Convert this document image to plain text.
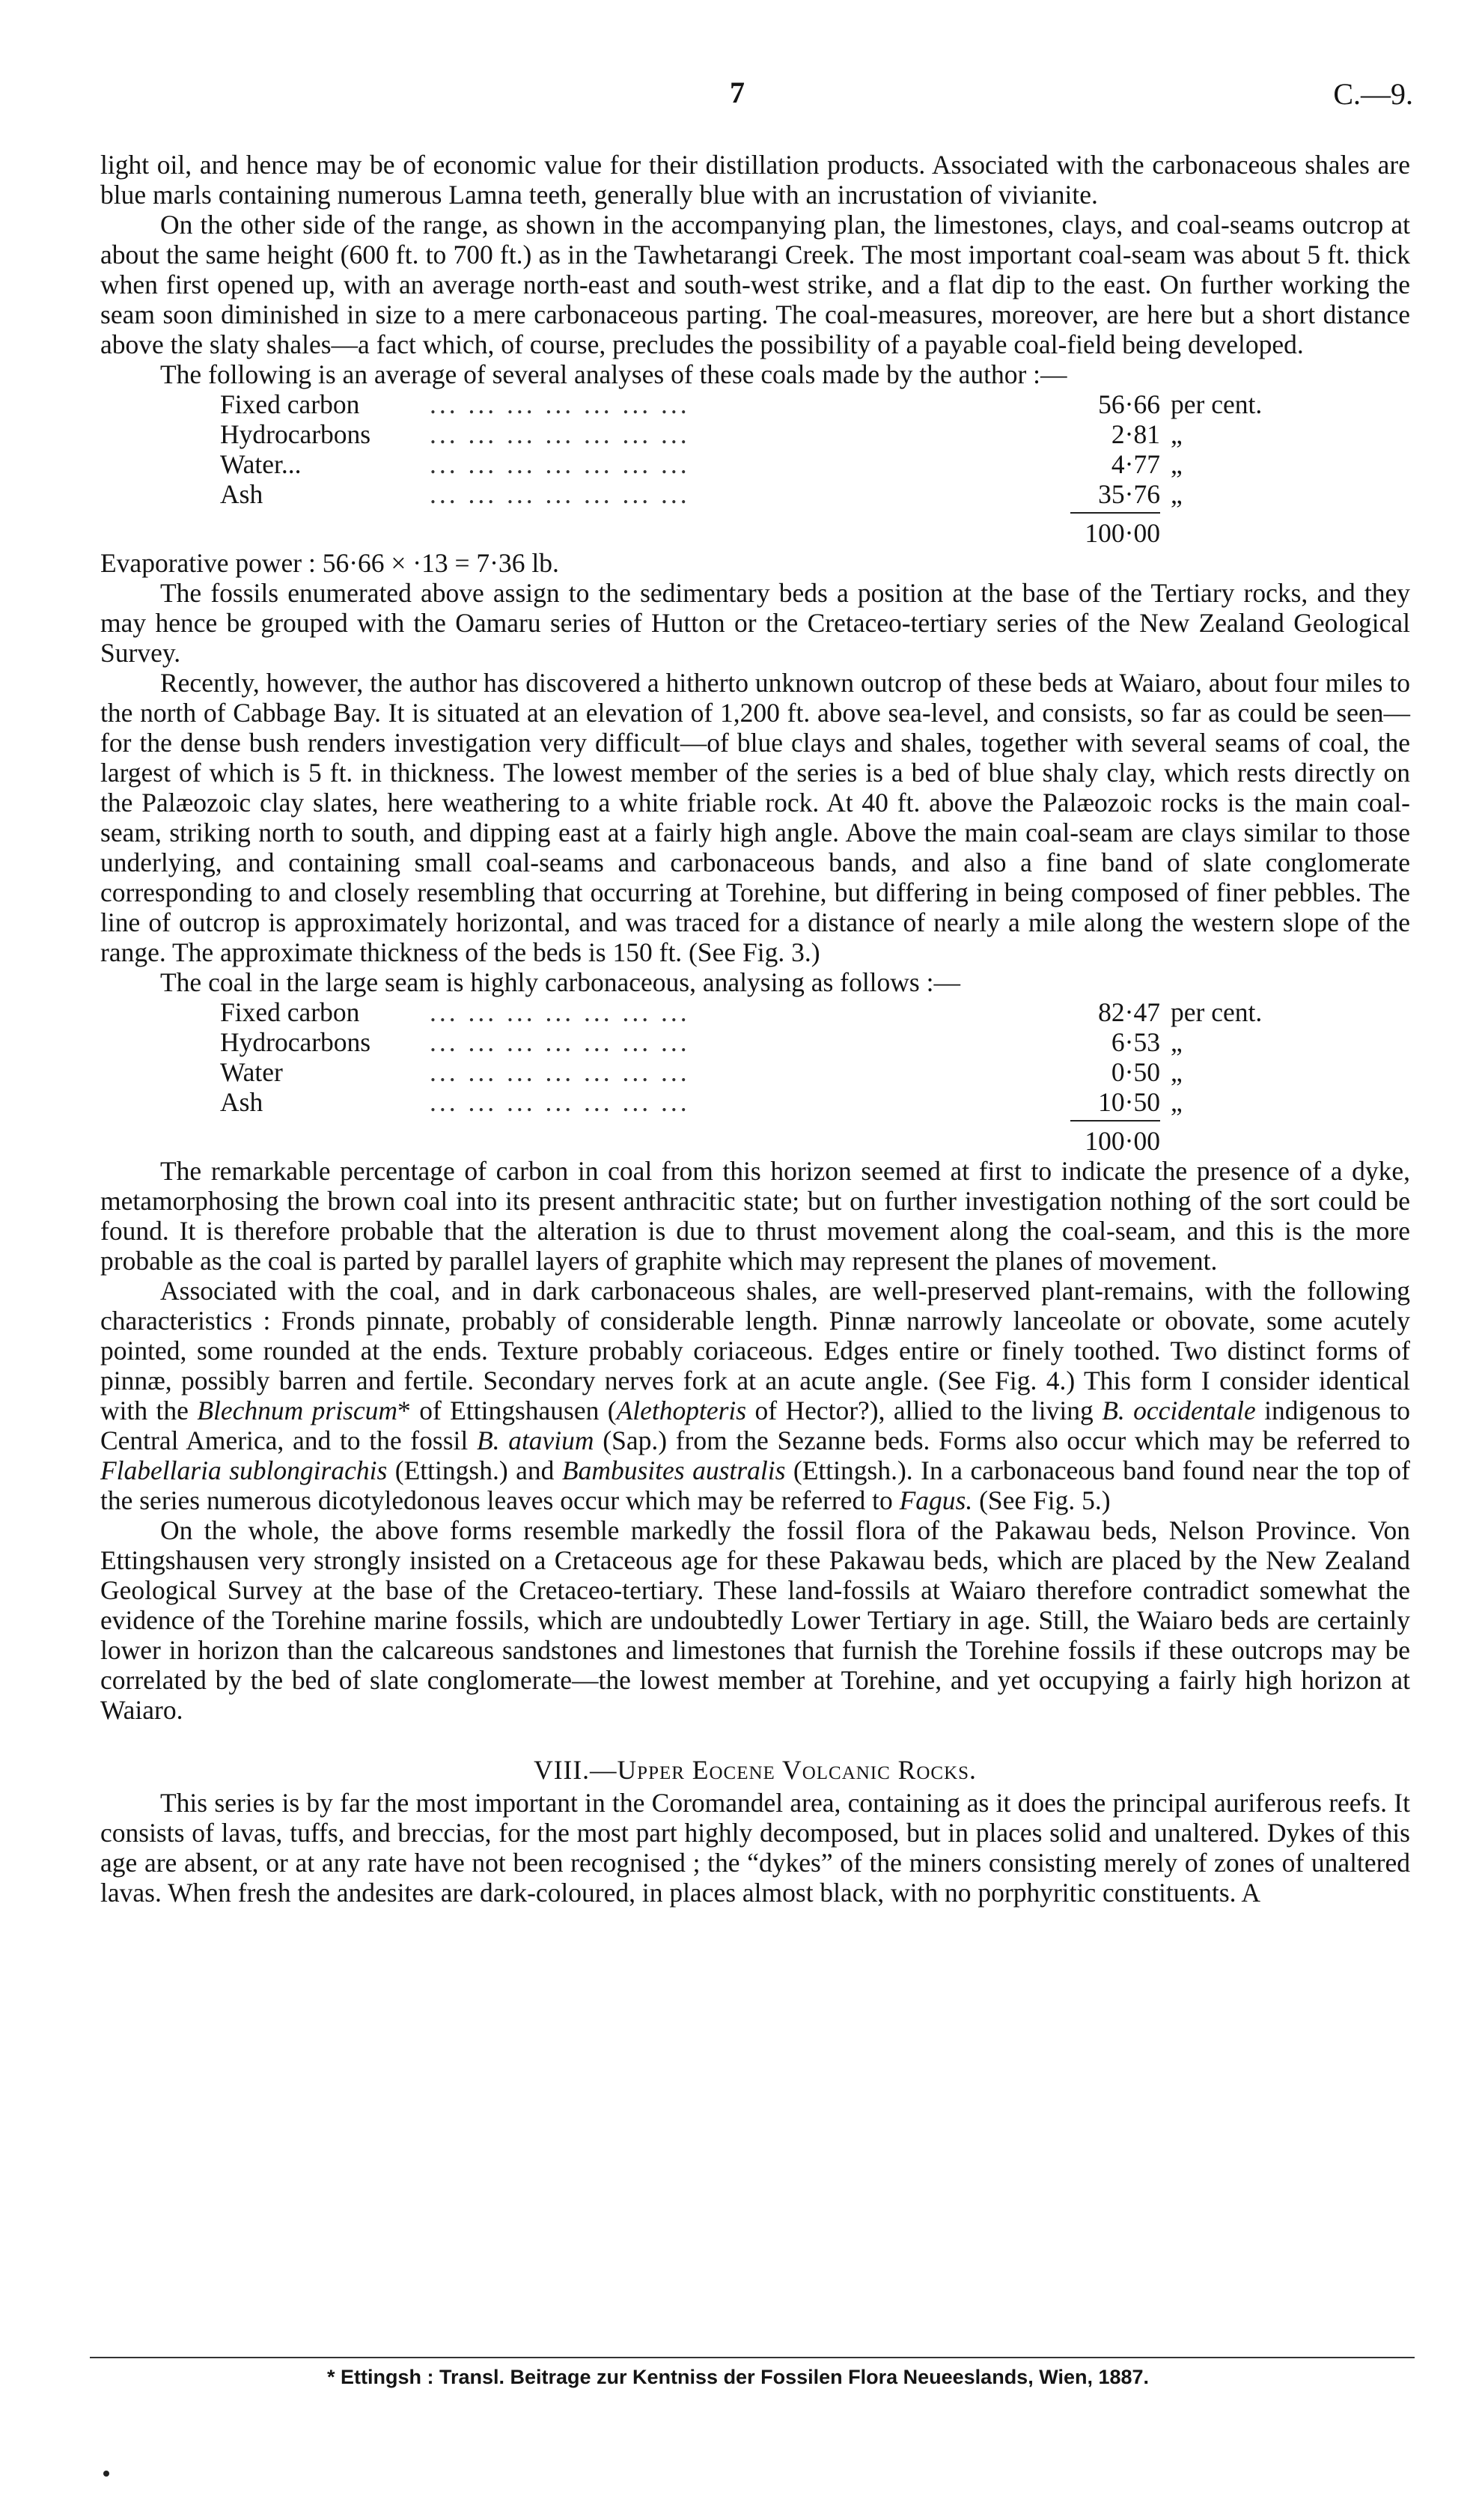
7	C.—9.

light oil, and hence may be of economic value for their distillation products. Associated with the carbonaceous shales are blue marls containing numerous Lamna teeth, generally blue with an incrustation of vivianite.

On the other side of the range, as shown in the accompanying plan, the limestones, clays, and coal-seams outcrop at about the same height (600 ft. to 700 ft.) as in the Tawhetarangi Creek. The most important coal-seam was about 5 ft. thick when first opened up, with an average north-east and south-west strike, and a flat dip to the east. On further working the seam soon diminished in size to a mere carbonaceous parting. The coal-measures, moreover, are here but a short distance above the slaty shales—a fact which, of course, precludes the possibility of a payable coal-field being developed.

The following is an average of several analyses of these coals made by the author :—

Fixed carbon	... ... ... ... ... ... ...	56·66 per cent.
Hydrocarbons	... ... ... ... ... ... ...	2·81 „
Water...	... ... ... ... ... ... ...	4·77 „
Ash	... ... ... ... ... ... ...	35·76 „
100·00

Evaporative power : 56·66 × ·13 = 7·36 lb.

The fossils enumerated above assign to the sedimentary beds a position at the base of the Tertiary rocks, and they may hence be grouped with the Oamaru series of Hutton or the Cretaceo-tertiary series of the New Zealand Geological Survey.

Recently, however, the author has discovered a hitherto unknown outcrop of these beds at Waiaro, about four miles to the north of Cabbage Bay. It is situated at an elevation of 1,200 ft. above sea-level, and consists, so far as could be seen—for the dense bush renders investigation very difficult—of blue clays and shales, together with several seams of coal, the largest of which is 5 ft. in thickness. The lowest member of the series is a bed of blue shaly clay, which rests directly on the Palæozoic clay slates, here weathering to a white friable rock. At 40 ft. above the Palæozoic rocks is the main coal-seam, striking north to south, and dipping east at a fairly high angle. Above the main coal-seam are clays similar to those underlying, and containing small coal-seams and carbonaceous bands, and also a fine band of slate conglomerate corresponding to and closely resembling that occurring at Torehine, but differing in being composed of finer pebbles. The line of outcrop is approximately horizontal, and was traced for a distance of nearly a mile along the western slope of the range. The approximate thickness of the beds is 150 ft. (See Fig. 3.)

The coal in the large seam is highly carbonaceous, analysing as follows :—

Fixed carbon	... ... ... ... ... ... ...	82·47 per cent.
Hydrocarbons	... ... ... ... ... ... ...	6·53 „
Water	... ... ... ... ... ... ...	0·50 „
Ash	... ... ... ... ... ... ...	10·50 „
100·00

The remarkable percentage of carbon in coal from this horizon seemed at first to indicate the presence of a dyke, metamorphosing the brown coal into its present anthracitic state; but on further investigation nothing of the sort could be found. It is therefore probable that the alteration is due to thrust movement along the coal-seam, and this is the more probable as the coal is parted by parallel layers of graphite which may represent the planes of movement.

Associated with the coal, and in dark carbonaceous shales, are well-preserved plant-remains, with the following characteristics : Fronds pinnate, probably of considerable length. Pinnæ narrowly lanceolate or obovate, some acutely pointed, some rounded at the ends. Texture probably coriaceous. Edges entire or finely toothed. Two distinct forms of pinnæ, possibly barren and fertile. Secondary nerves fork at an acute angle. (See Fig. 4.) This form I consider identical with the Blechnum priscum* of Ettingshausen (Alethopteris of Hector?), allied to the living B. occidentale indigenous to Central America, and to the fossil B. atavium (Sap.) from the Sezanne beds. Forms also occur which may be referred to Flabellaria sublongirachis (Ettingsh.) and Bambusites australis (Ettingsh.). In a carbonaceous band found near the top of the series numerous dicotyledonous leaves occur which may be referred to Fagus. (See Fig. 5.)

On the whole, the above forms resemble markedly the fossil flora of the Pakawau beds, Nelson Province. Von Ettingshausen very strongly insisted on a Cretaceous age for these Pakawau beds, which are placed by the New Zealand Geological Survey at the base of the Cretaceo-tertiary. These land-fossils at Waiaro therefore contradict somewhat the evidence of the Torehine marine fossils, which are undoubtedly Lower Tertiary in age. Still, the Waiaro beds are certainly lower in horizon than the calcareous sandstones and limestones that furnish the Torehine fossils if these outcrops may be correlated by the bed of slate conglomerate—the lowest member at Torehine, and yet occupying a fairly high horizon at Waiaro.

VIII.—Upper Eocene Volcanic Rocks.

This series is by far the most important in the Coromandel area, containing as it does the principal auriferous reefs. It consists of lavas, tuffs, and breccias, for the most part highly decomposed, but in places solid and unaltered. Dykes of this age are absent, or at any rate have not been recognised ; the “dykes” of the miners consisting merely of zones of unaltered lavas. When fresh the andesites are dark-coloured, in places almost black, with no porphyritic constituents. A

* Ettingsh : Transl. Beitrage zur Kentniss der Fossilen Flora Neueeslands, Wien, 1887.
